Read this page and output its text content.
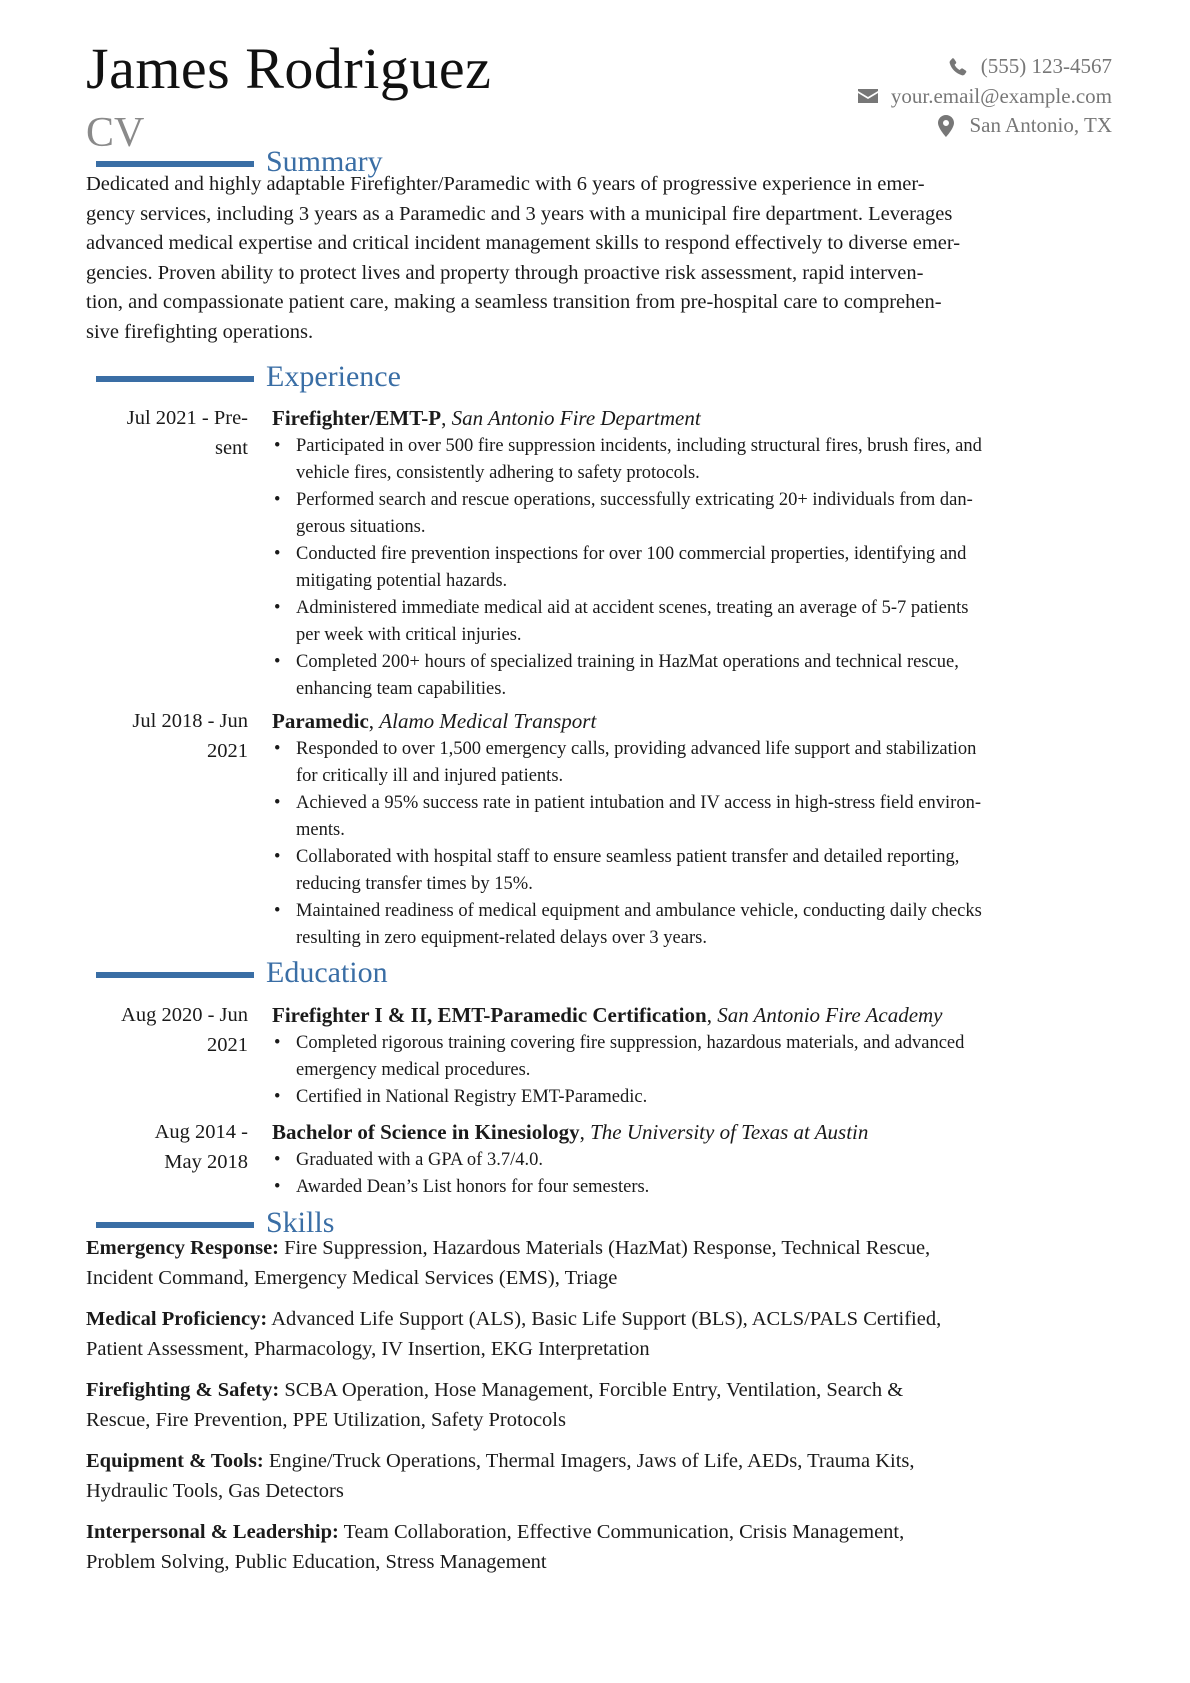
James Rodriguez
CV
(555) 123-4567
your.email@example.com
San Antonio, TX
Summary
Dedicated and highly adaptable Firefighter/Paramedic with 6 years of progressive experience in emer-
gency services, including 3 years as a Paramedic and 3 years with a municipal fire department. Leverages
advanced medical expertise and critical incident management skills to respond effectively to diverse emer-
gencies. Proven ability to protect lives and property through proactive risk assessment, rapid interven-
tion, and compassionate patient care, making a seamless transition from pre-hospital care to comprehen-
sive firefighting operations.
Experience
Jul 2021 - Pre-
sent
Firefighter/EMT-P, San Antonio Fire Department
• Participated in over 500 fire suppression incidents, including structural fires, brush fires, and
vehicle fires, consistently adhering to safety protocols.
• Performed search and rescue operations, successfully extricating 20+ individuals from dan-
gerous situations.
• Conducted fire prevention inspections for over 100 commercial properties, identifying and
mitigating potential hazards.
• Administered immediate medical aid at accident scenes, treating an average of 5-7 patients
per week with critical injuries.
• Completed 200+ hours of specialized training in HazMat operations and technical rescue,
enhancing team capabilities.
Jul 2018 - Jun
2021
Paramedic, Alamo Medical Transport
• Responded to over 1,500 emergency calls, providing advanced life support and stabilization
for critically ill and injured patients.
• Achieved a 95% success rate in patient intubation and IV access in high-stress field environ-
ments.
• Collaborated with hospital staff to ensure seamless patient transfer and detailed reporting,
reducing transfer times by 15%.
• Maintained readiness of medical equipment and ambulance vehicle, conducting daily checks
resulting in zero equipment-related delays over 3 years.
Education
Aug 2020 - Jun
2021
Firefighter I & II, EMT-Paramedic Certification, San Antonio Fire Academy
• Completed rigorous training covering fire suppression, hazardous materials, and advanced
emergency medical procedures.
• Certified in National Registry EMT-Paramedic.
Aug 2014 -
May 2018
Bachelor of Science in Kinesiology, The University of Texas at Austin
• Graduated with a GPA of 3.7/4.0.
• Awarded Dean’s List honors for four semesters.
Skills
Emergency Response: Fire Suppression, Hazardous Materials (HazMat) Response, Technical Rescue,
Incident Command, Emergency Medical Services (EMS), Triage
Medical Proficiency: Advanced Life Support (ALS), Basic Life Support (BLS), ACLS/PALS Certified,
Patient Assessment, Pharmacology, IV Insertion, EKG Interpretation
Firefighting & Safety: SCBA Operation, Hose Management, Forcible Entry, Ventilation, Search &
Rescue, Fire Prevention, PPE Utilization, Safety Protocols
Equipment & Tools: Engine/Truck Operations, Thermal Imagers, Jaws of Life, AEDs, Trauma Kits,
Hydraulic Tools, Gas Detectors
Interpersonal & Leadership: Team Collaboration, Effective Communication, Crisis Management,
Problem Solving, Public Education, Stress Management
